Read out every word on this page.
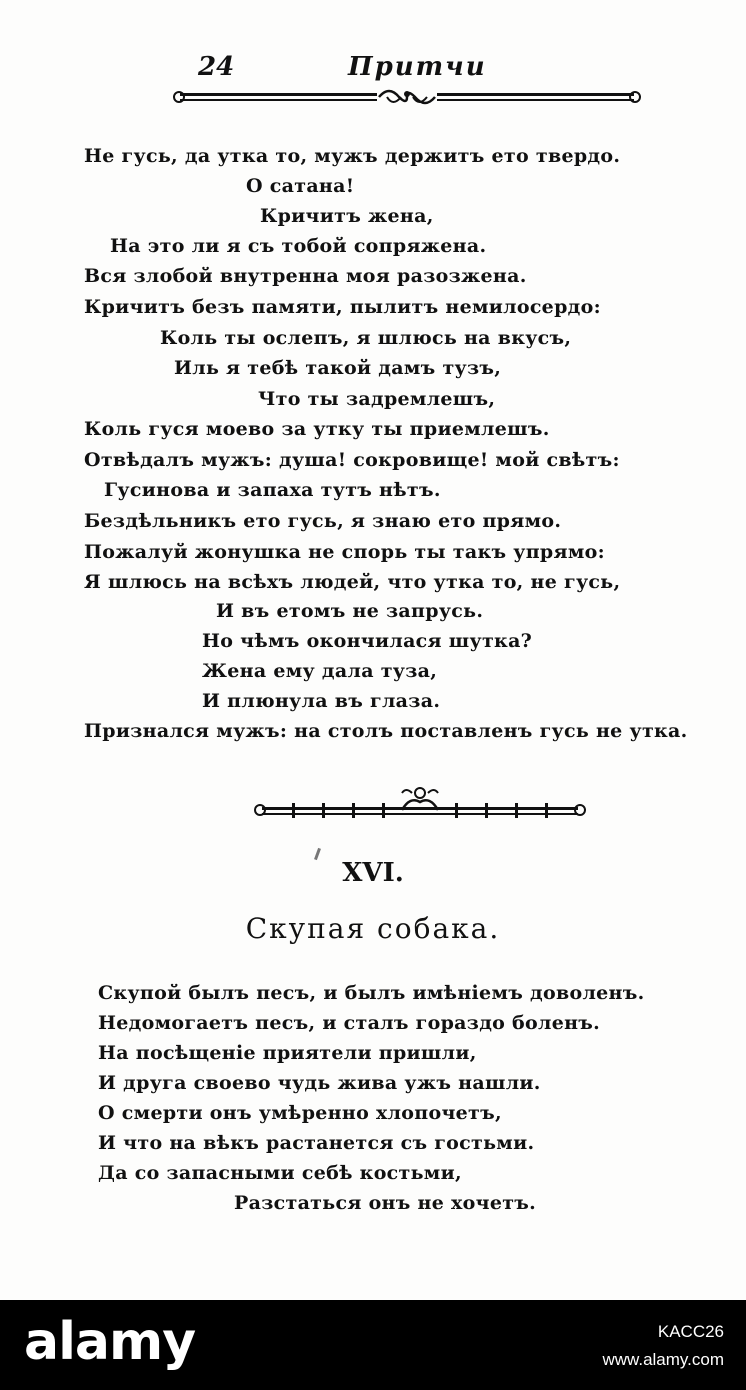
24	Притчи
Не гусь, да утка то, мужъ держитъ ето твердо.
О сатана!
Кричитъ жена,
На это ли я съ тобой сопряжена.
Вся злобой внутренна моя разозжена.
Кричитъ безъ памяти, пылитъ немилосердо:
Коль ты ослепъ, я шлюсь на вкусъ,
Иль я тебѣ такой дамъ тузъ,
Что ты задремлешъ,
Коль гуся моево за утку ты приемлешъ.
Отвѣдалъ мужъ: душа! сокровище! мой свѣтъ:
Гусинова и запаха тутъ нѣтъ.
Бездѣльникъ ето гусь, я знаю ето прямо.
Пожалуй жонушка не спорь ты такъ упрямо:
Я шлюсь на всѣхъ людей, что утка то, не гусь,
И въ етомъ не запрусь.
Но чѣмъ окончилася шутка?
Жена ему дала туза,
И плюнула въ глаза.
Признался мужъ: на столъ поставленъ гусь не утка.
XVI.
Скупая собака.
Скупой былъ песъ, и былъ имѣніемъ доволенъ.
Недомогаетъ песъ, и сталъ гораздо боленъ.
На посѣщеніе приятели пришли,
И друга своево чудь жива ужъ нашли.
О смерти онъ умѣренно хлопочетъ,
И что на вѣкъ растанется съ гостьми.
Да со запасными себѣ костьми,
Разстаться онъ не хочетъ.
alamy	KACC26
www.alamy.com
